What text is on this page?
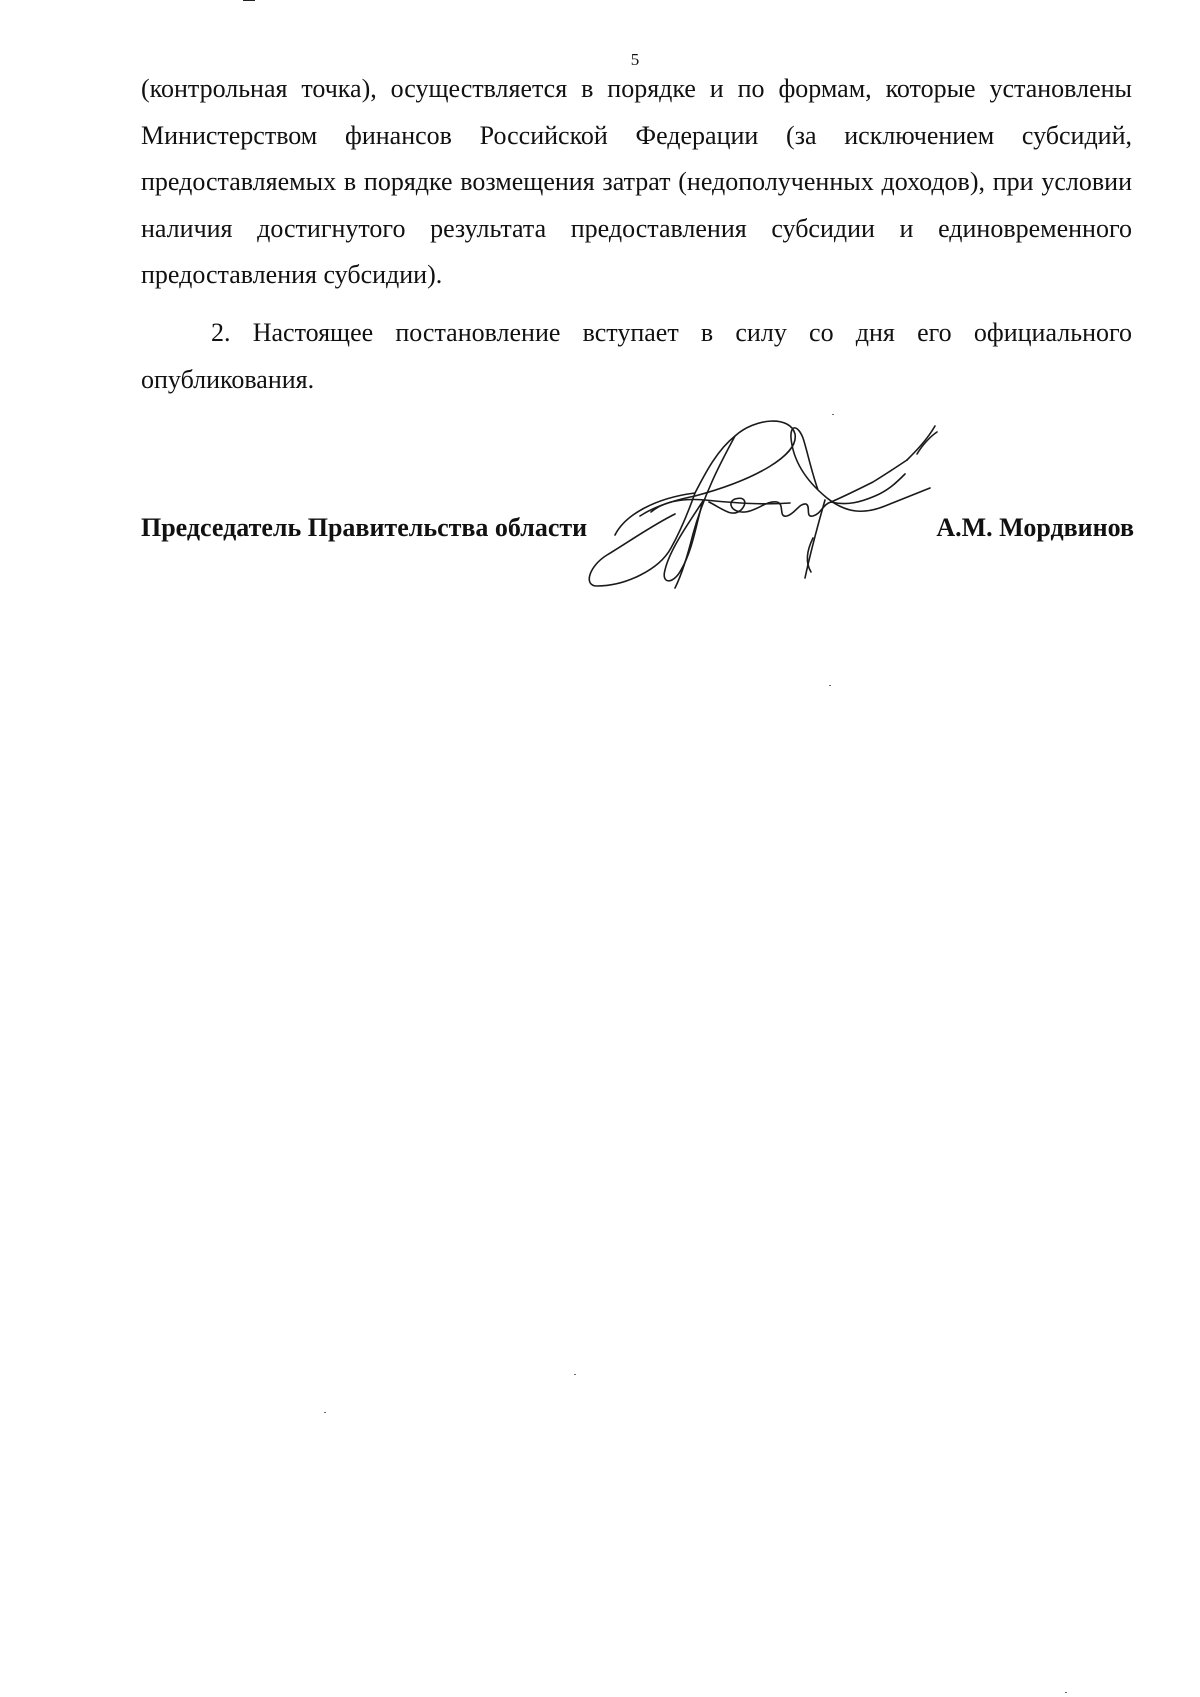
5

(контрольная точка), осуществляется в порядке и по формам, которые установлены Министерством финансов Российской Федерации (за исключением субсидий, предоставляемых в порядке возмещения затрат (недополученных доходов), при условии наличия достигнутого результата предоставления субсидии и единовременного предоставления субсидии).

2. Настоящее постановление вступает в силу со дня его официального опубликования.

Председатель Правительства области	А.М. Мордвинов
